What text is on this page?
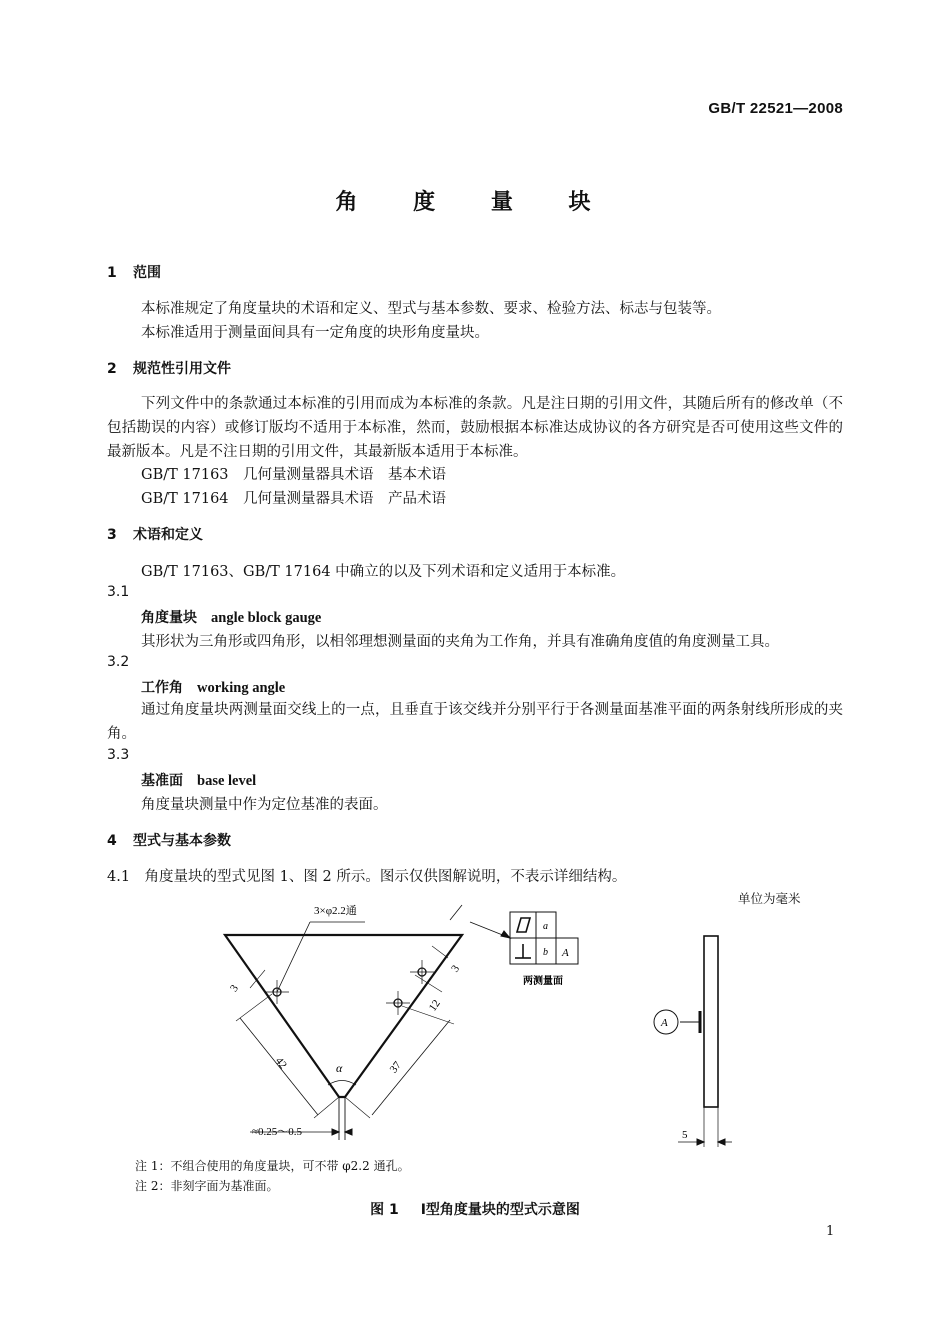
GB/T 22521—2008
角 度 量 块
1 范围
本标准规定了角度量块的术语和定义、型式与基本参数、要求、检验方法、标志与包装等。
本标准适用于测量面间具有一定角度的块形角度量块。
2 规范性引用文件
下列文件中的条款通过本标准的引用而成为本标准的条款。凡是注日期的引用文件，其随后所有的修改单（不包括勘误的内容）或修订版均不适用于本标准，然而，鼓励根据本标准达成协议的各方研究是否可使用这些文件的最新版本。凡是不注日期的引用文件，其最新版本适用于本标准。
GB/T 17163　几何量测量器具术语　基本术语
GB/T 17164　几何量测量器具术语　产品术语
3 术语和定义
GB/T 17163、GB/T 17164 中确立的以及下列术语和定义适用于本标准。
3.1
角度量块 angle block gauge
其形状为三角形或四角形，以相邻理想测量面的夹角为工作角，并具有准确角度值的角度测量工具。
3.2
工作角 working angle
通过角度量块两测量面交线上的一点，且垂直于该交线并分别平行于各测量面基准平面的两条射线所形成的夹角。
3.3
基准面 base level
角度量块测量中作为定位基准的表面。
4 型式与基本参数
4.1　角度量块的型式见图 1、图 2 所示。图示仅供图解说明，不表示详细结构。
单位为毫米
3×φ2.2通
3
3
42	37
12
α
≈0.25～0.5
a
b A
两测量面
A
5
注 1：不组合使用的角度量块，可不带 φ2.2 通孔。
注 2：非刻字面为基准面。
图 1 Ⅰ型角度量块的型式示意图
1
